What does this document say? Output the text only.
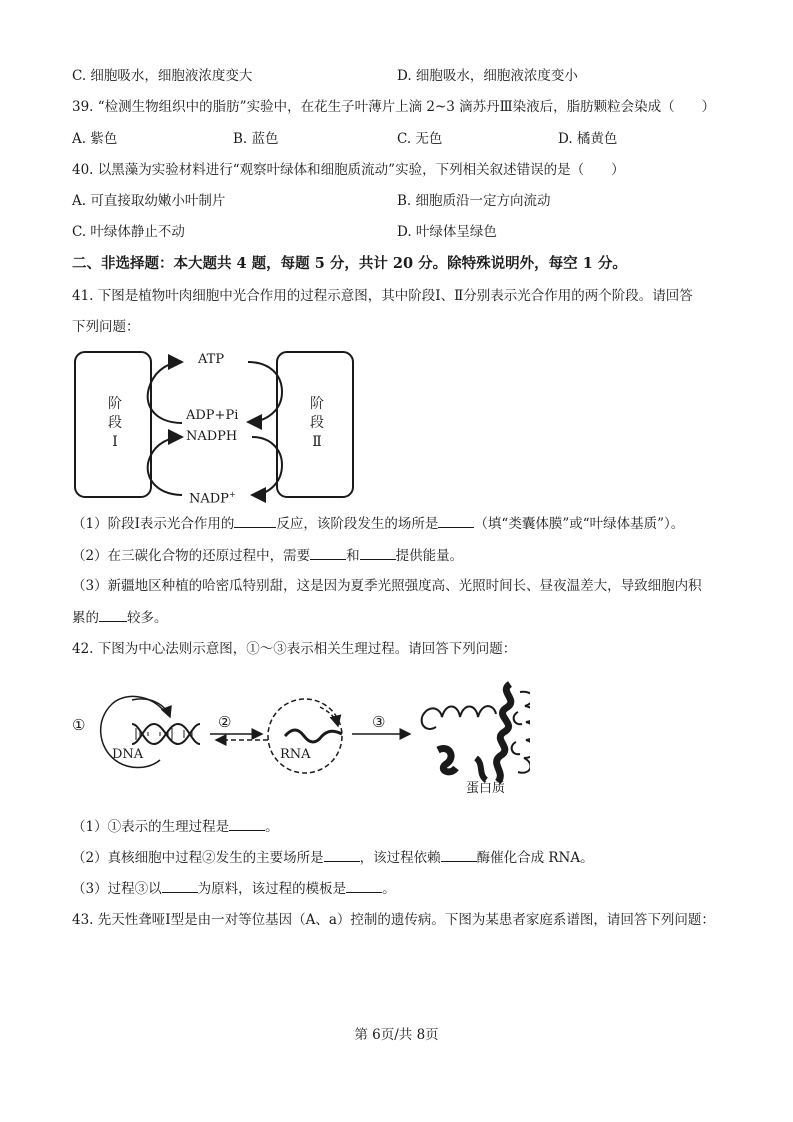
C. 细胞吸水，细胞液浓度变大	D. 细胞吸水，细胞液浓度变小
39. “检测生物组织中的脂肪”实验中，在花生子叶薄片上滴 2~3 滴苏丹Ⅲ染液后，脂肪颗粒会染成（　　）
A. 紫色	B. 蓝色	C. 无色	D. 橘黄色
40. 以黑藻为实验材料进行“观察叶绿体和细胞质流动”实验，下列相关叙述错误的是（　　）
A. 可直接取幼嫩小叶制片	B. 细胞质沿一定方向流动
C. 叶绿体静止不动	D. 叶绿体呈绿色
二、非选择题：本大题共 4 题，每题 5 分，共计 20 分。除特殊说明外，每空 1 分。
41. 下图是植物叶肉细胞中光合作用的过程示意图，其中阶段Ⅰ、Ⅱ分别表示光合作用的两个阶段。请回答
下列问题：
阶
段
Ⅰ
阶
段
Ⅱ
ATP
ADP+Pi
NADPH
NADP+
（1）阶段Ⅰ表示光合作用的	反应，该阶段发生的场所是	（填“类囊体膜”或“叶绿体基质”）。
（2）在三碳化合物的还原过程中，需要	和	提供能量。
（3）新疆地区种植的哈密瓜特别甜，这是因为夏季光照强度高、光照时间长、昼夜温差大，导致细胞内积
累的 较多。
42. 下图为中心法则示意图，①～③表示相关生理过程。请回答下列问题：
①	②	③
DNA	RNA
蛋白质
（1）①表示的生理过程是	。
（2）真核细胞中过程②发生的主要场所是	，该过程依赖	酶催化合成 RNA。
（3）过程③以	为原料，该过程的模板是	。
43. 先天性聋哑Ⅰ型是由一对等位基因（A、a）控制的遗传病。下图为某患者家庭系谱图，请回答下列问题：
第 6页/共 8页
